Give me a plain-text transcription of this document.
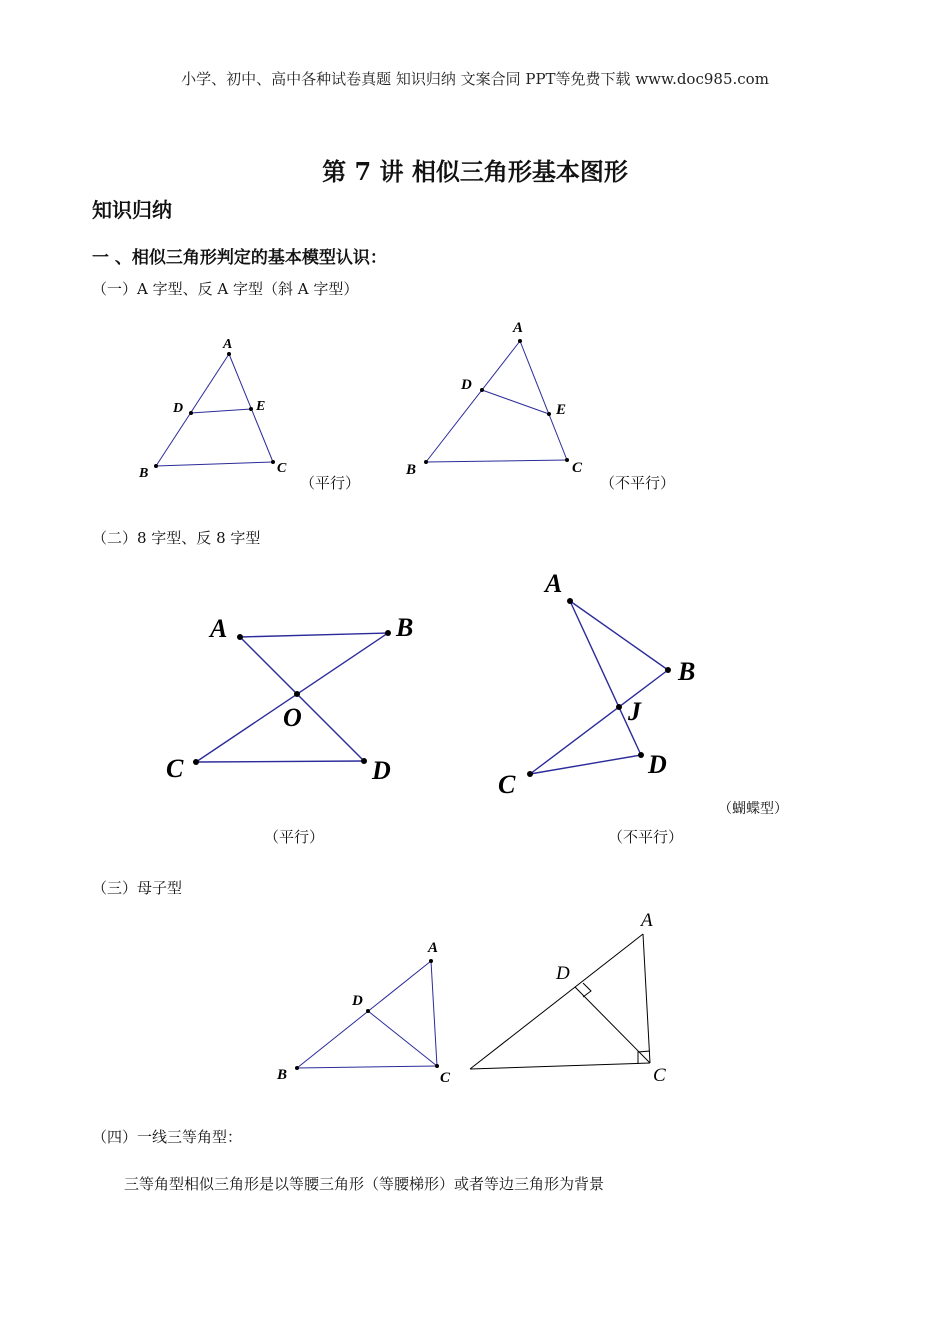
小学、初中、高中各种试卷真题 知识归纳 文案合同 PPT等免费下载 www.doc985.com
第 7 讲 相似三角形基本图形
知识归纳
一 、相似三角形判定的基本模型认识：
（一）A 字型、反 A 字型（斜 A 字型）
A
D	E
B	C
A
D
E
B	C
（平行）	（不平行）
（二）8 字型、反 8 字型
A	B
O
C	D
A
B
J
C
D
（蝴蝶型）
（平行）	（不平行）
（三）母子型
A
D
B	C
A
D
C
（四）一线三等角型：
三等角型相似三角形是以等腰三角形（等腰梯形）或者等边三角形为背景
